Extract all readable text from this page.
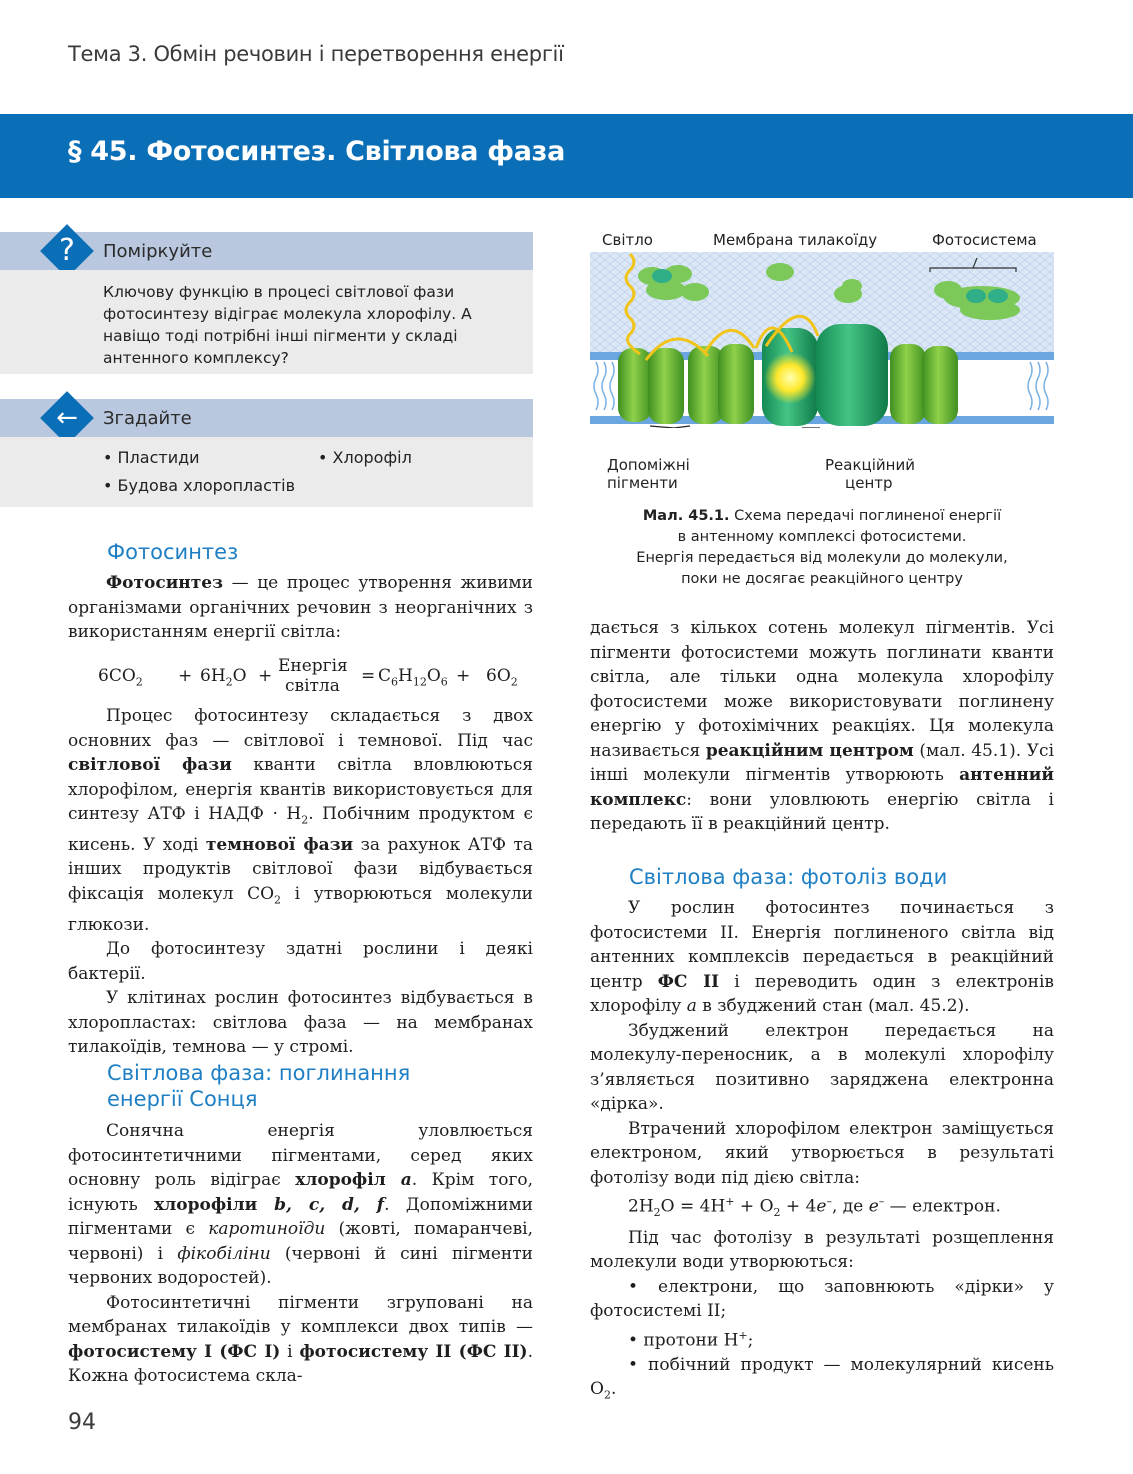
Тема 3. Обмін речовин і перетворення енергії
§ 45. Фотосинтез. Світлова фаза
?	Поміркуйте
Ключову функцію в процесі світлової фази фотосинтезу відіграє молекула хлорофілу. А навіщо тоді потрібні інші пігменти у складі антенного комплексу?
←	Згадайте
• Пластиди	• Хлорофіл
• Будова хлоропластів
Світло	Мембрана тилакоїду	Фотосистема
Допоміжні
пігменти
Реакційний
центр
Мал. 45.1. Схема передачі поглиненої енергії
в антенному комплексі фотосистеми.
Енергія передається від молекули до молекули,
поки не досягає реакційного центру
Фотосинтез

Фотосинтез — це процес утворення живими організмами органічних речовин з неорганічних з використанням енергії світла:

$6CO_2 + 6H_2O$ + Енергія
світла = $C_6H_{12}O_6 + 6O_2$

Процес фотосинтезу складається з двох основних фаз — світлової і темнової. Під час світлової фази кванти світла вловлюються хлорофілом, енергія квантів використовується для синтезу АТФ і НАДФ · $Н_2$. Побічним продуктом є кисень. У ході темнової фази за рахунок АТФ та інших продуктів світлової фази відбувається фіксація молекул $CO_2$ і утворюються молекули глюкози.

До фотосинтезу здатні рослини і деякі бактерії.

У клітинах рослин фотосинтез відбувається в хлоропластах: світлова фаза — на мембранах тилакоїдів, темнова — у стромі.

Світлова фаза: поглинання
енергії Сонця

Сонячна енергія уловлюється фотосинтетичними пігментами, серед яких основну роль відіграє хлорофіл a. Крім того, існують хлорофіли b, c, d, f. Допоміжними пігментами є каротиноїди (жовті, помаранчеві, червоні) і фікобіліни (червоні й сині пігменти червоних водоростей).

Фотосинтетичні пігменти згруповані на мембранах тилакоїдів у комплекси двох типів — фотосистему І (ФС І) і фотосистему ІІ (ФС ІІ). Кожна фотосистема скла-

дається з кількох сотень молекул пігментів. Усі пігменти фотосистеми можуть поглинати кванти світла, але тільки одна молекула хлорофілу фотосистеми може використовувати поглинену енергію у фотохімічних реакціях. Ця молекула називається реакційним центром (мал. 45.1). Усі інші молекули пігментів утворюють антенний комплекс: вони уловлюють енергію світла і передають її в реакційний центр.

Світлова фаза: фотоліз води

У рослин фотосинтез починається з фотосистеми ІІ. Енергія поглиненого світла від антенних комплексів передається в реакційний центр ФС ІІ і переводить один з електронів хлорофілу a в збуджений стан (мал. 45.2).

Збуджений електрон передається на молекулу-переносник, а в молекулі хлорофілу з’являється позитивно заряджена електронна «дірка».

Втрачений хлорофілом електрон заміщується електроном, який утворюється в результаті фотолізу води під дією світла:

$2H_2O = 4H^+ + O_2 + 4e^-$, де e– — електрон.

Під час фотолізу в результаті розщеплення молекули води утворюються:

• електрони, що заповнюють «дірки» у фотосистемі ІІ;

• протони Н+;

• побічний продукт — молекулярний кисень $О_2$.

94
